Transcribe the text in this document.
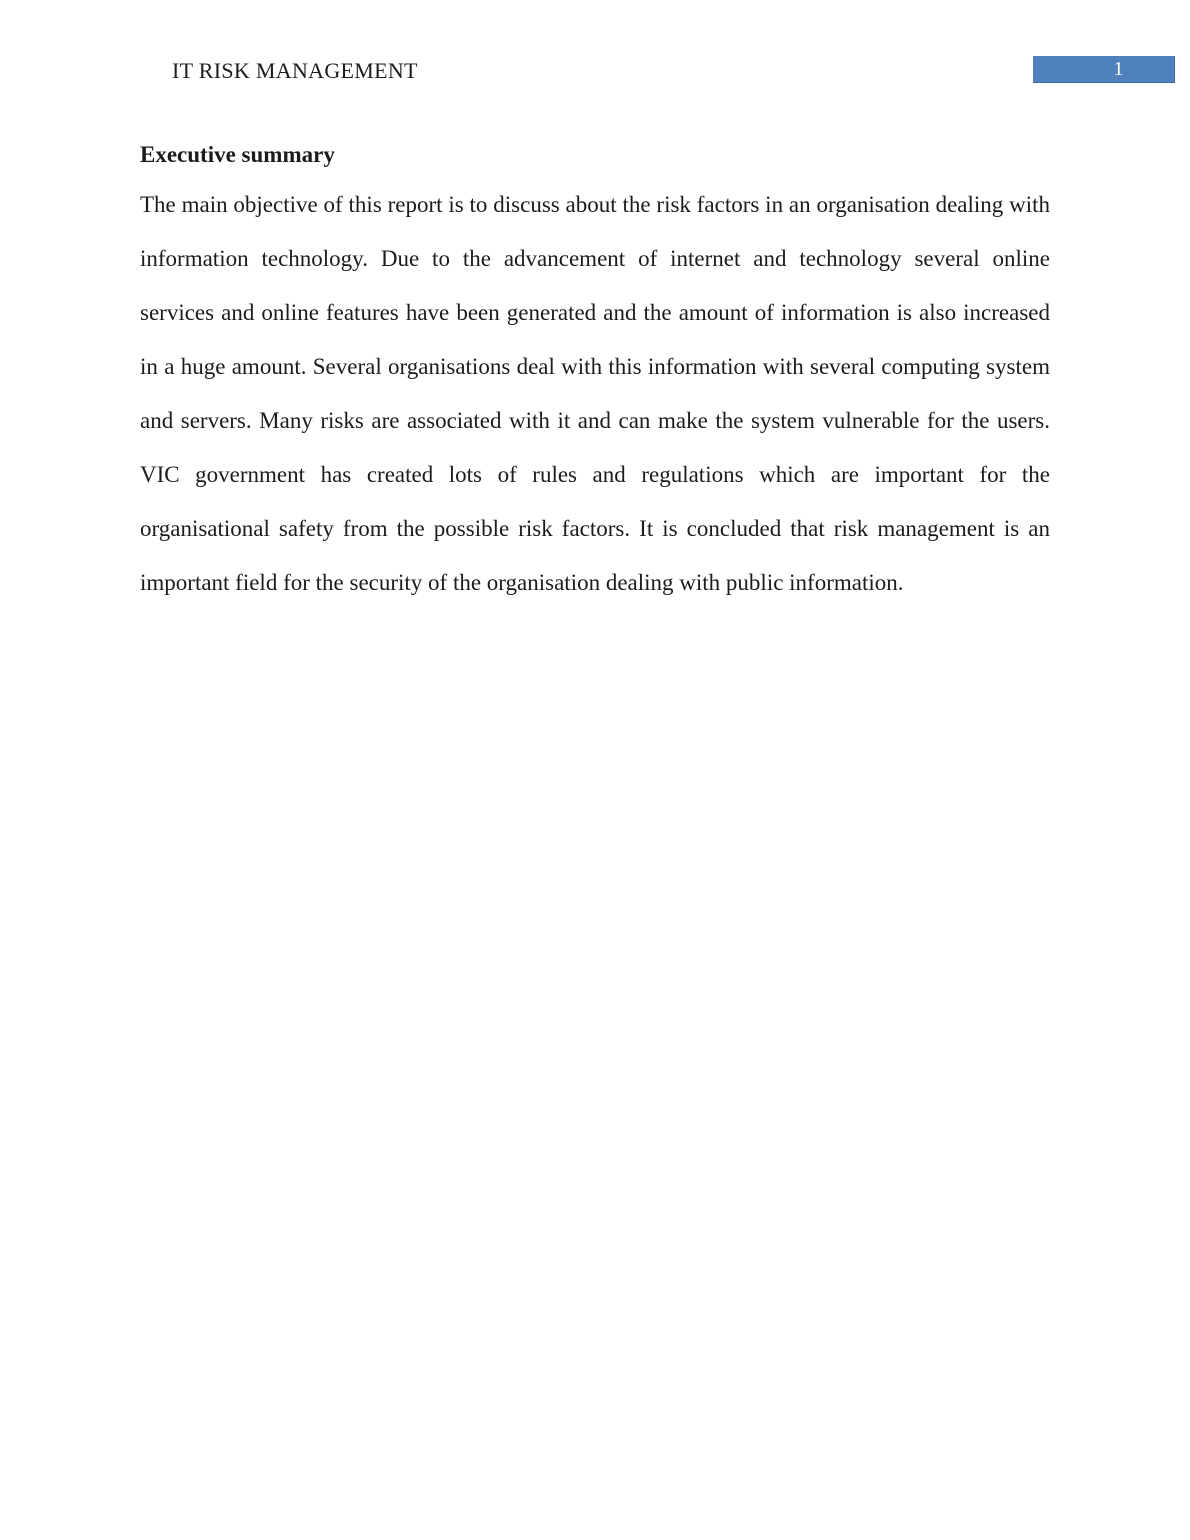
IT RISK MANAGEMENT	1
Executive summary
The main objective of this report is to discuss about the risk factors in an organisation dealing with information technology. Due to the advancement of internet and technology several online services and online features have been generated and the amount of information is also increased in a huge amount. Several organisations deal with this information with several computing system and servers. Many risks are associated with it and can make the system vulnerable for the users. VIC government has created lots of rules and regulations which are important for the organisational safety from the possible risk factors. It is concluded that risk management is an important field for the security of the organisation dealing with public information.
